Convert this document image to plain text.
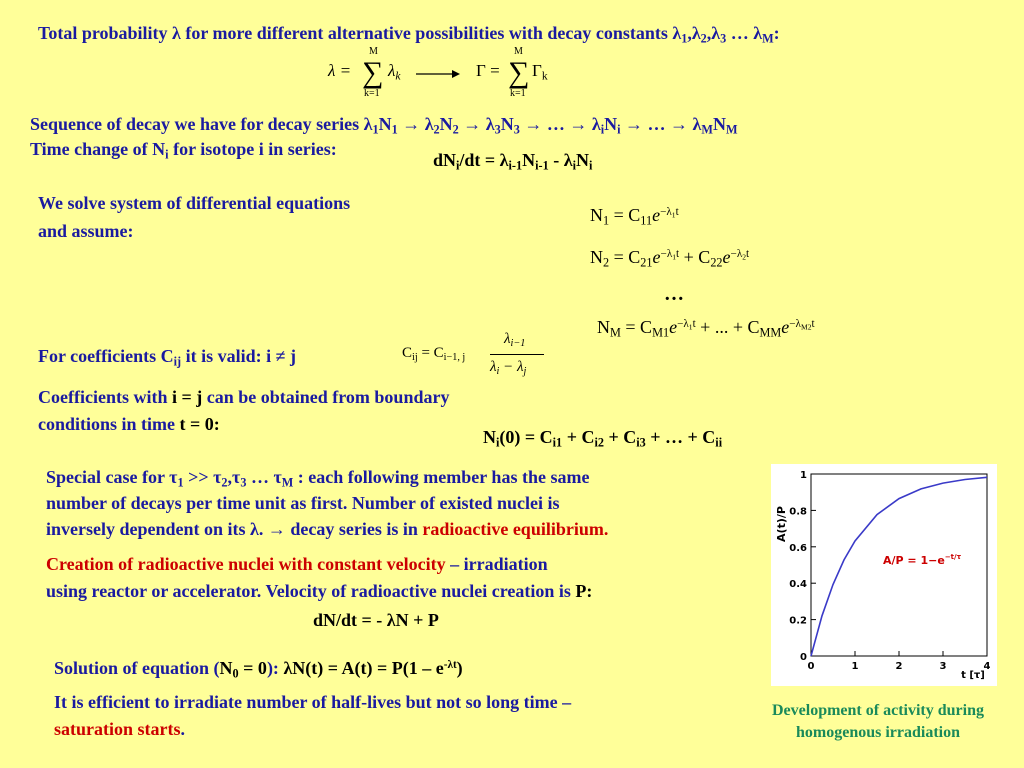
Total probability λ for more different alternative possibilities with decay constants $\lambda_1,\lambda_2,\lambda_3$ … $\lambda_M$:
λ =
M
∑
k=1
$\lambda_k$	Γ =
M
∑
k=1
$\Gamma_k$
Sequence of decay we have for decay series $\lambda_1N_1 \to \lambda_2N_2 \to \lambda_3N_3$ → … → $\lambda_iN_i$ → … → $\lambda_MN_M$
Time change of $N_i$ for isotope i in series:
$dN_i/dt = \lambda_{i-1}N_{i-1} - \lambda_iN_i$
We solve system of differential equations
and assume:
$N_1 = C_{11}e^{-\lambda_1t}$
$N_2 = C_{21}e^{-\lambda_1t} + C_{22}e^{-\lambda_2t}$
…
$N_M = C_{M1}e^{-\lambda_1t}$ + ... + $C_{MM}e^{-\lambda_{M2}t}$
For coefficients $C_{ij}$ it is valid: i ≠ j	$C_{ij} = C_{i-1, j}$
$\lambda_{i-1}$
$\lambda_i - \lambda_j$
Coefficients with i = j can be obtained from boundary
conditions in time t = 0:
$N_i(0) = C_{i1} + C_{i2} + C_{i3}$ + … + $C_{ii}$
Special case for $\tau_1 >> \tau_2,\tau_3$ … $\tau_M$ : each following member has the same
number of decays per time unit as first. Number of existed nuclei is
inversely dependent on its λ. → decay series is in radioactive equilibrium.
Creation of radioactive nuclei with constant velocity – irradiation
using reactor or accelerator. Velocity of radioactive nuclei creation is P:
dN/dt = - λN + P
Solution of equation $(N_0 = 0)$: $\lambda N(t) = A(t) = P(1 - e^{-\lambda t})$
It is efficient to irradiate number of half-lives but not so long time –
saturation starts.
0	1	2	3	4
0
0.2
0.4
0.6
0.8
1
A(t)/P
t [τ]
$A/P = 1-e^{-t/\tau}$
Development of activity during
homogenous irradiation
